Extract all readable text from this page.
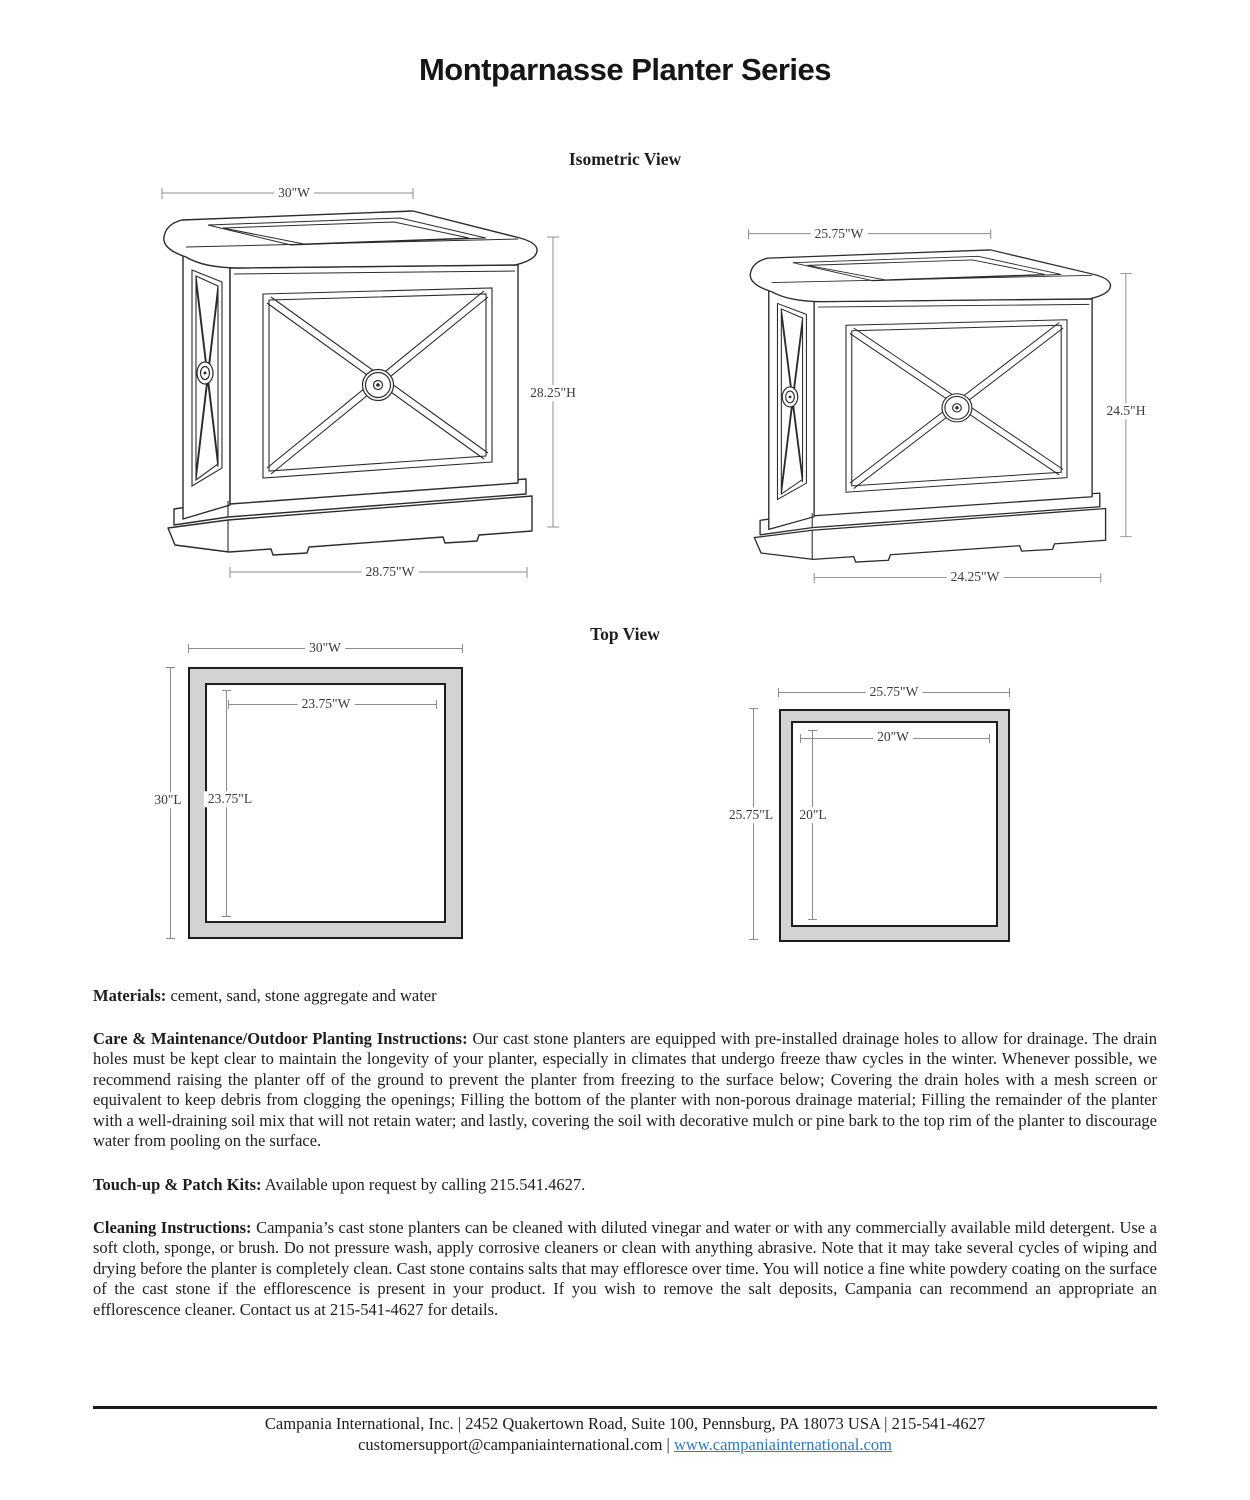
Montparnasse Planter Series
Isometric View
30"W
28.25"H
28.75"W
25.75"W
24.5"H
24.25"W
Top View
30"W
30"L
23.75"W
23.75"L
25.75"W
25.75"L
20"W
20"L
Materials: cement, sand, stone aggregate and water
Care & Maintenance/Outdoor Planting Instructions: Our cast stone planters are equipped with pre-installed drainage holes to allow for drainage. The drain holes must be kept clear to maintain the longevity of your planter, especially in climates that undergo freeze thaw cycles in the winter. Whenever possible, we recommend raising the planter off of the ground to prevent the planter from freezing to the surface below; Covering the drain holes with a mesh screen or equivalent to keep debris from clogging the openings; Filling the bottom of the planter with non-porous drainage material; Filling the remainder of the planter with a well-draining soil mix that will not retain water; and lastly, covering the soil with decorative mulch or pine bark to the top rim of the planter to discourage water from pooling on the surface.
Touch-up & Patch Kits: Available upon request by calling 215.541.4627.
Cleaning Instructions: Campania’s cast stone planters can be cleaned with diluted vinegar and water or with any commercially available mild detergent. Use a soft cloth, sponge, or brush. Do not pressure wash, apply corrosive cleaners or clean with anything abrasive. Note that it may take several cycles of wiping and drying before the planter is completely clean. Cast stone contains salts that may effloresce over time. You will notice a fine white powdery coating on the surface of the cast stone if the efflorescence is present in your product. If you wish to remove the salt deposits, Campania can recommend an appropriate an efflorescence cleaner. Contact us at 215-541-4627 for details.
Campania International, Inc. | 2452 Quakertown Road, Suite 100, Pennsburg, PA 18073 USA | 215-541-4627
customersupport@campaniainternational.com | www.campaniainternational.com
